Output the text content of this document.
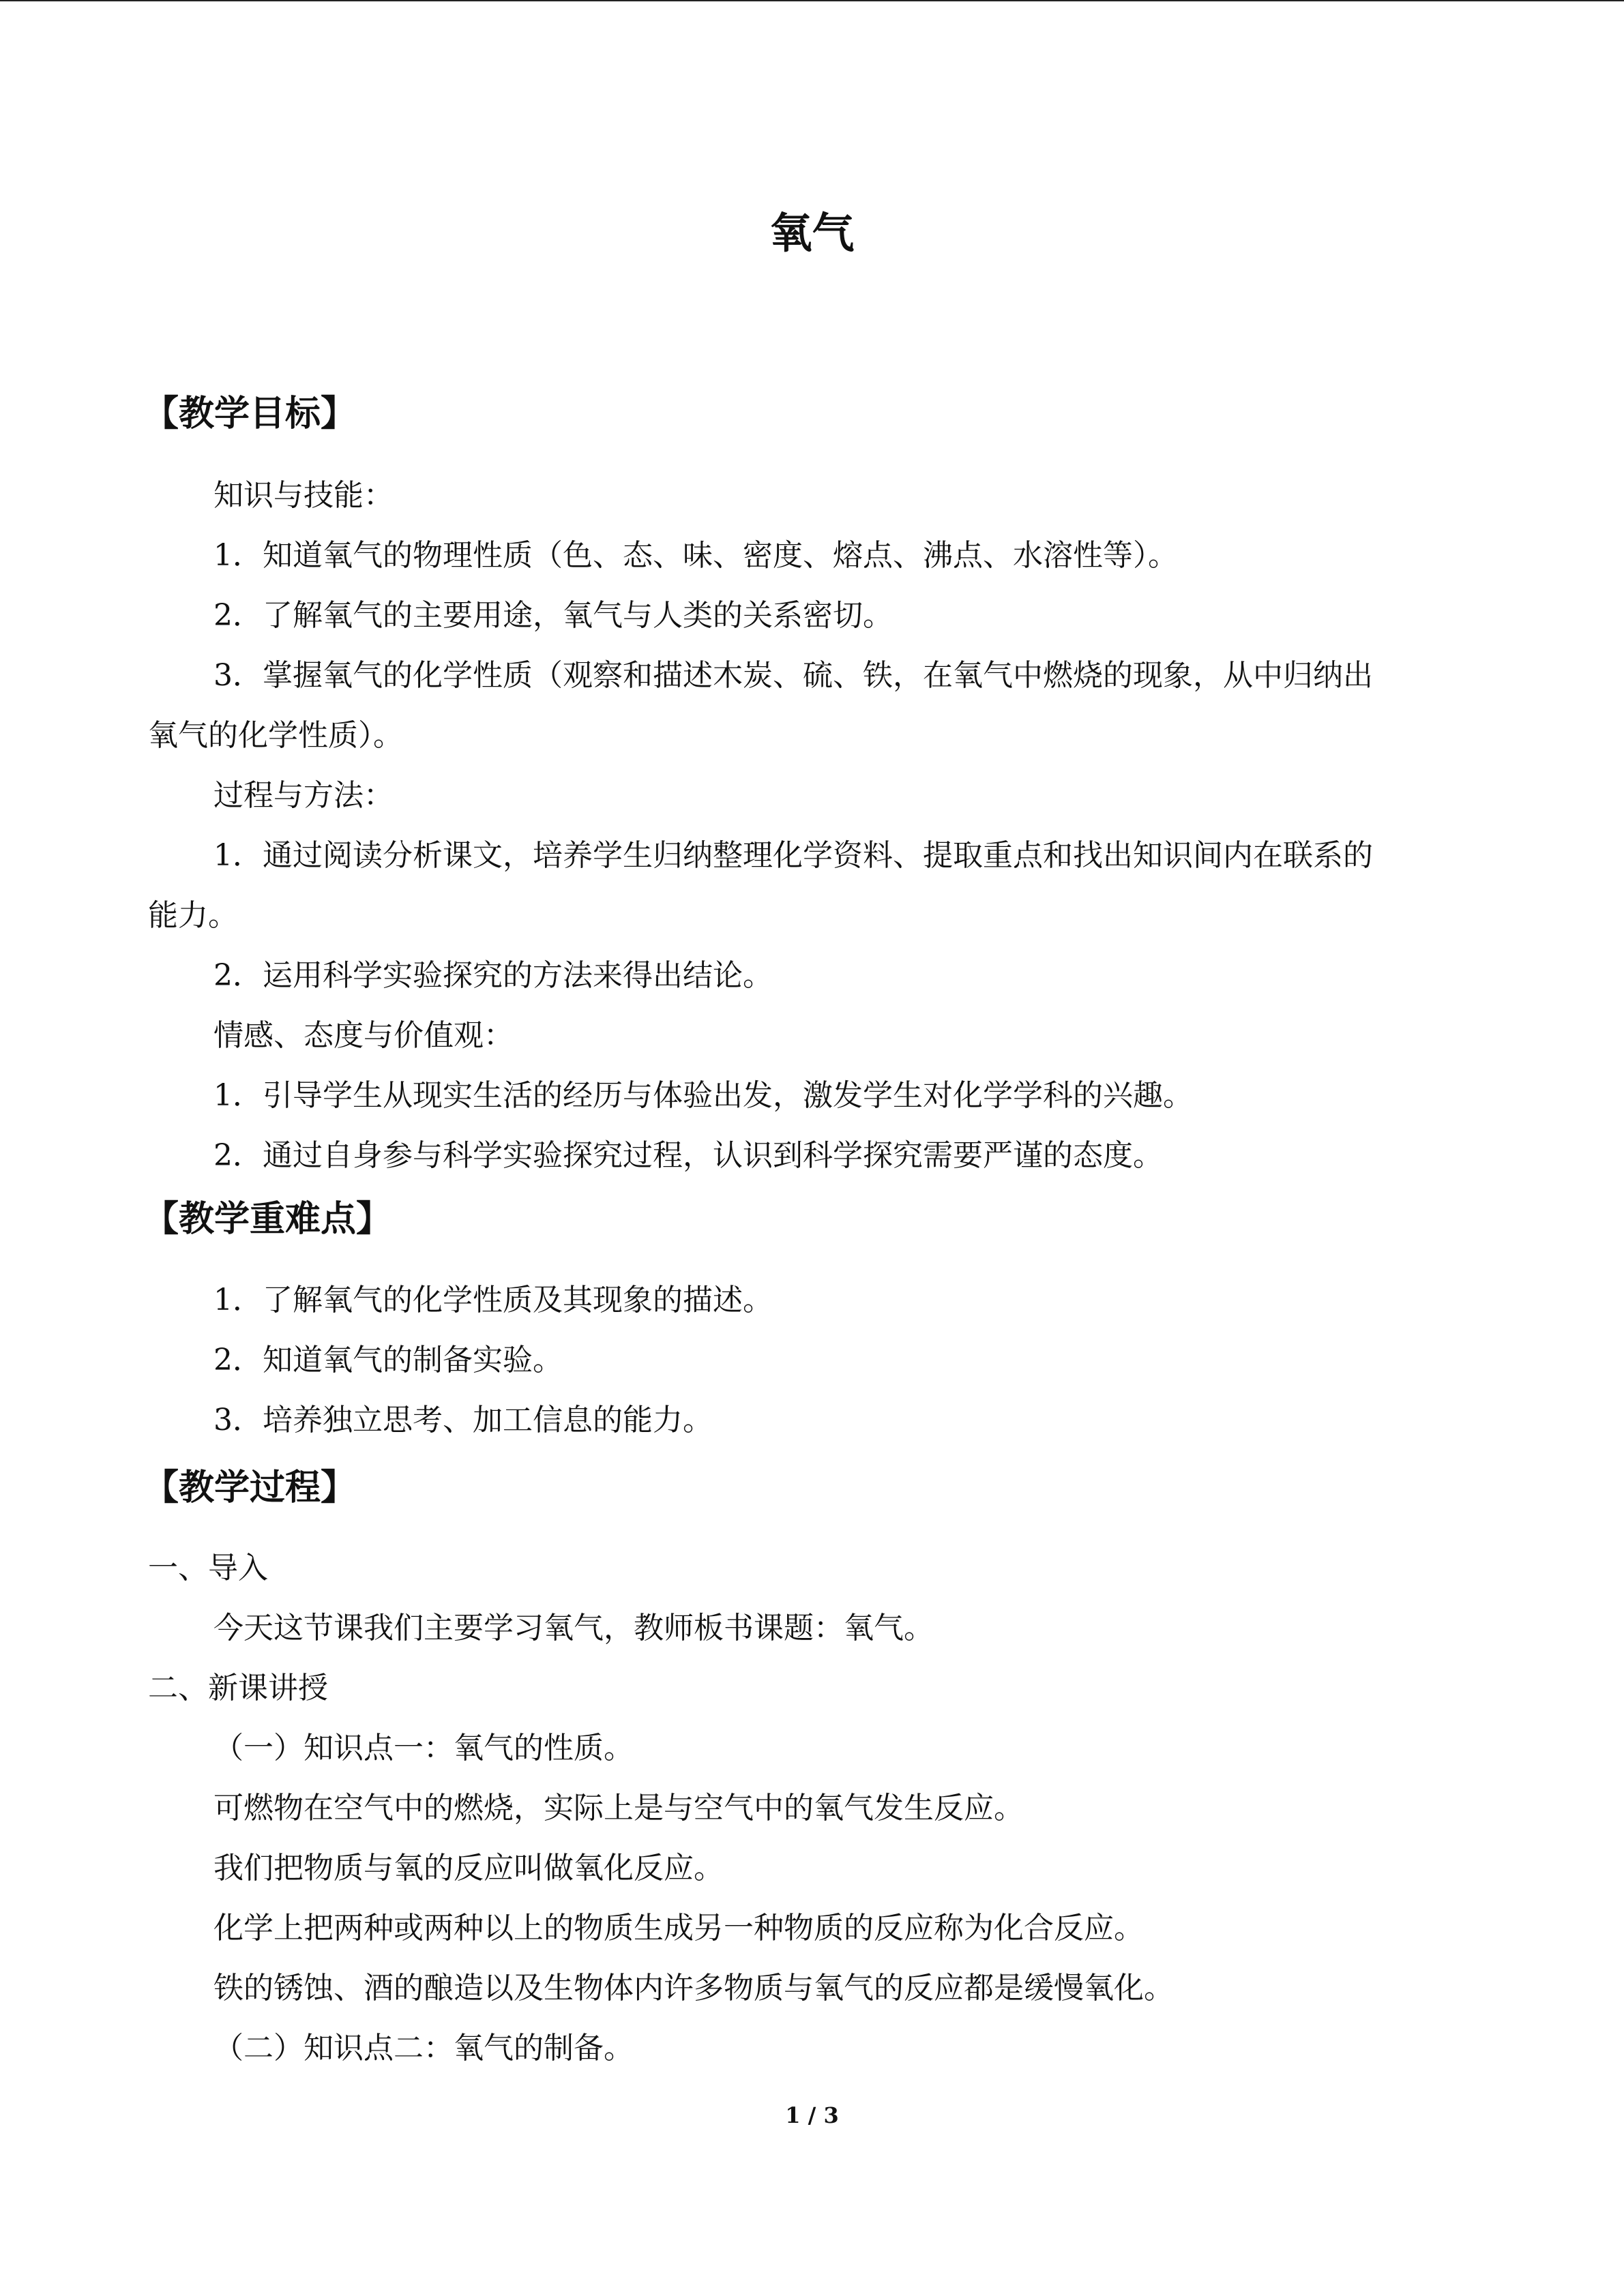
氧气
【教学目标】
知识与技能：
1．知道氧气的物理性质（色、态、味、密度、熔点、沸点、水溶性等）。
2．了解氧气的主要用途，氧气与人类的关系密切。
3．掌握氧气的化学性质（观察和描述木炭、硫、铁，在氧气中燃烧的现象，从中归纳出
氧气的化学性质）。
过程与方法：
1．通过阅读分析课文，培养学生归纳整理化学资料、提取重点和找出知识间内在联系的
能力。
2．运用科学实验探究的方法来得出结论。
情感、态度与价值观：
1．引导学生从现实生活的经历与体验出发，激发学生对化学学科的兴趣。
2．通过自身参与科学实验探究过程，认识到科学探究需要严谨的态度。
【教学重难点】
1．了解氧气的化学性质及其现象的描述。
2．知道氧气的制备实验。
3．培养独立思考、加工信息的能力。
【教学过程】
一、导入
今天这节课我们主要学习氧气，教师板书课题：氧气。
二、新课讲授
（一）知识点一：氧气的性质。
可燃物在空气中的燃烧，实际上是与空气中的氧气发生反应。
我们把物质与氧的反应叫做氧化反应。
化学上把两种或两种以上的物质生成另一种物质的反应称为化合反应。
铁的锈蚀、酒的酿造以及生物体内许多物质与氧气的反应都是缓慢氧化。
（二）知识点二：氧气的制备。
1 / 3
